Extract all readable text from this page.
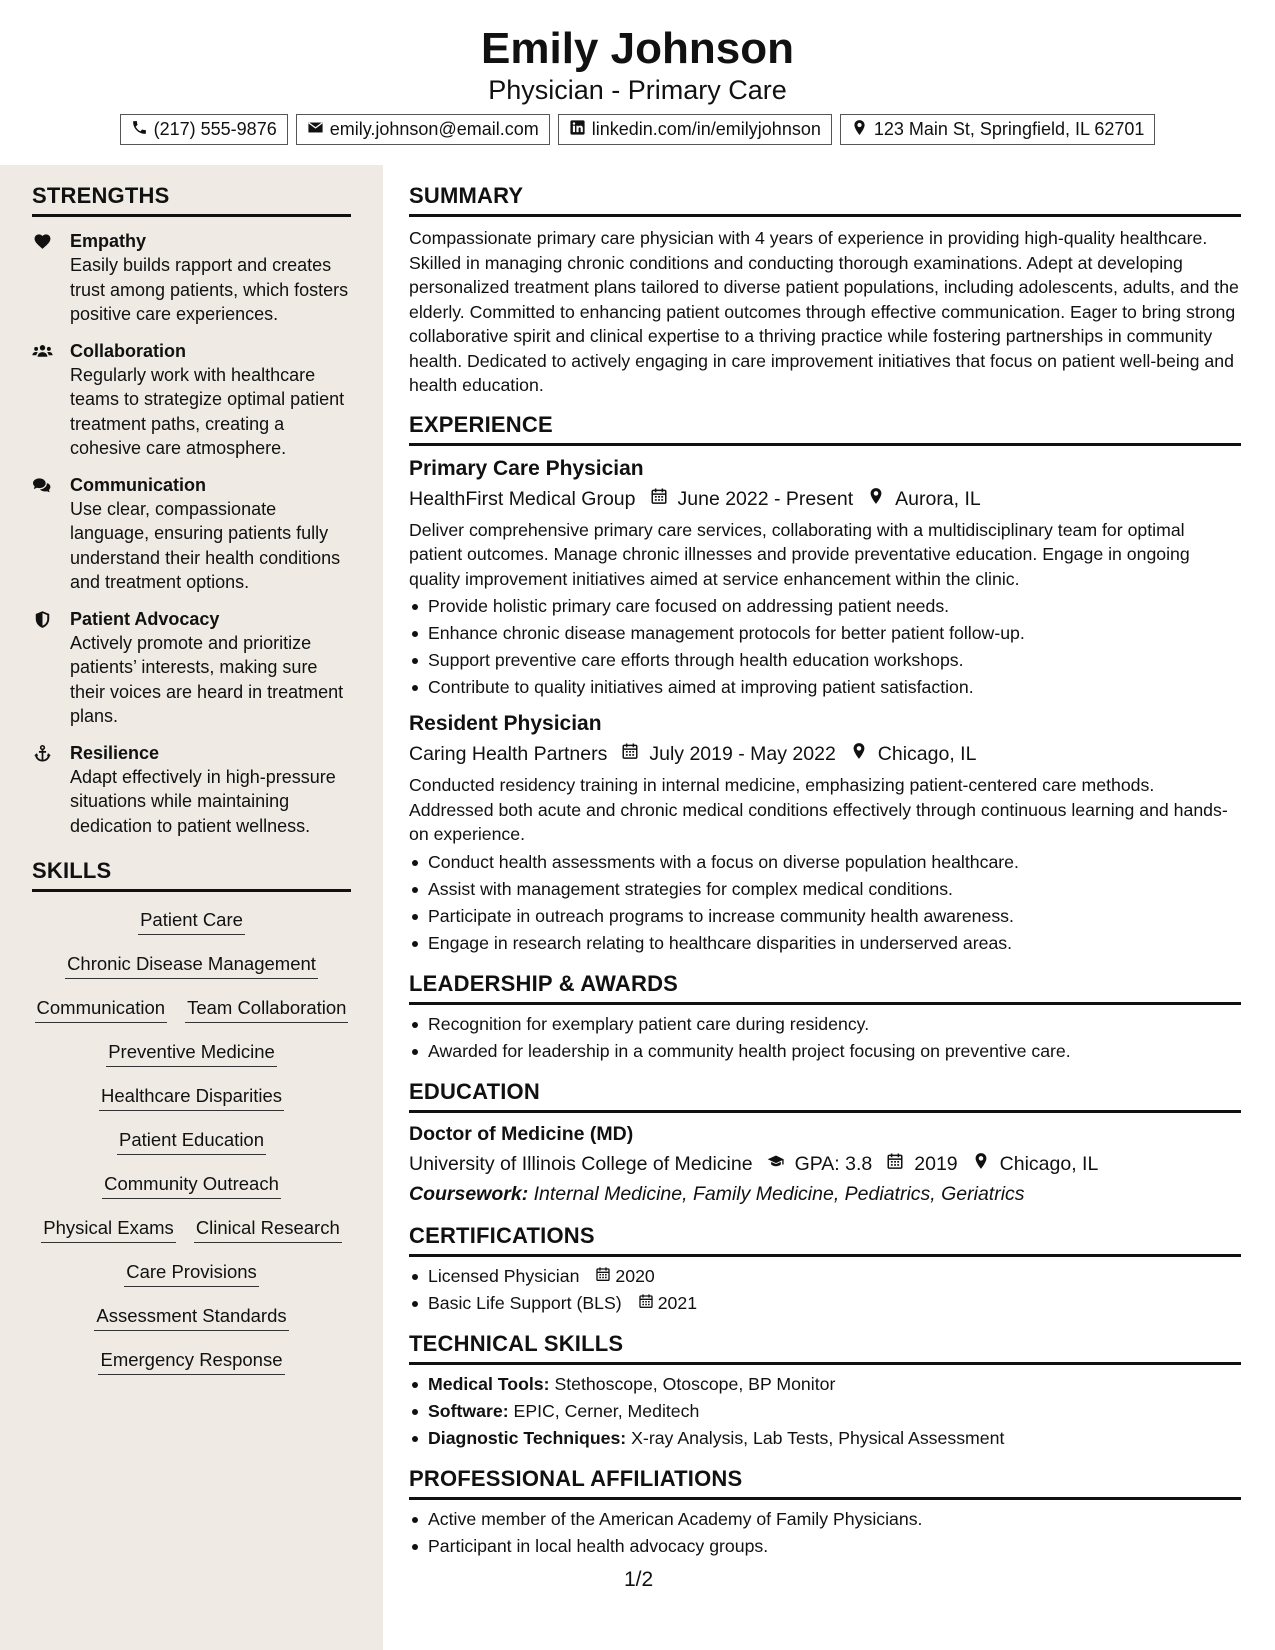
Emily Johnson
Physician - Primary Care
(217) 555-9876	emily.johnson@email.com	linkedin.com/in/emilyjohnson	123 Main St, Springfield, IL 62701
STRENGTHS
Empathy
Easily builds rapport and creates trust among patients, which fosters positive care experiences.
Collaboration
Regularly work with healthcare teams to strategize optimal patient treatment paths, creating a cohesive care atmosphere.
Communication
Use clear, compassionate language, ensuring patients fully understand their health conditions and treatment options.
Patient Advocacy
Actively promote and prioritize patients’ interests, making sure their voices are heard in treatment plans.
Resilience
Adapt effectively in high-pressure situations while maintaining dedication to patient wellness.
SKILLS
Patient Care
Chronic Disease Management
Communication Team Collaboration
Preventive Medicine
Healthcare Disparities
Patient Education
Community Outreach
Physical Exams Clinical Research
Care Provisions
Assessment Standards
Emergency Response
SUMMARY
Compassionate primary care physician with 4 years of experience in providing high-quality healthcare. Skilled in managing chronic conditions and conducting thorough examinations. Adept at developing personalized treatment plans tailored to diverse patient populations, including adolescents, adults, and the elderly. Committed to enhancing patient outcomes through effective communication. Eager to bring strong collaborative spirit and clinical expertise to a thriving practice while fostering partnerships in community health. Dedicated to actively engaging in care improvement initiatives that focus on patient well-being and health education.
EXPERIENCE
Primary Care Physician
HealthFirst Medical Group June 2022 - Present Aurora, IL
Deliver comprehensive primary care services, collaborating with a multidisciplinary team for optimal patient outcomes. Manage chronic illnesses and provide preventative education. Engage in ongoing quality improvement initiatives aimed at service enhancement within the clinic.
Provide holistic primary care focused on addressing patient needs.
Enhance chronic disease management protocols for better patient follow-up.
Support preventive care efforts through health education workshops.
Contribute to quality initiatives aimed at improving patient satisfaction.
Resident Physician
Caring Health Partners July 2019 - May 2022 Chicago, IL
Conducted residency training in internal medicine, emphasizing patient-centered care methods. Addressed both acute and chronic medical conditions effectively through continuous learning and hands-on experience.
Conduct health assessments with a focus on diverse population healthcare.
Assist with management strategies for complex medical conditions.
Participate in outreach programs to increase community health awareness.
Engage in research relating to healthcare disparities in underserved areas.
LEADERSHIP & AWARDS
Recognition for exemplary patient care during residency.
Awarded for leadership in a community health project focusing on preventive care.
EDUCATION
Doctor of Medicine (MD)
University of Illinois College of Medicine GPA: 3.8 2019 Chicago, IL
Coursework: Internal Medicine, Family Medicine, Pediatrics, Geriatrics
CERTIFICATIONS
Licensed Physician 2020
Basic Life Support (BLS) 2021
TECHNICAL SKILLS
Medical Tools: Stethoscope, Otoscope, BP Monitor
Software: EPIC, Cerner, Meditech
Diagnostic Techniques: X-ray Analysis, Lab Tests, Physical Assessment
PROFESSIONAL AFFILIATIONS
Active member of the American Academy of Family Physicians.
Participant in local health advocacy groups.
1/2
